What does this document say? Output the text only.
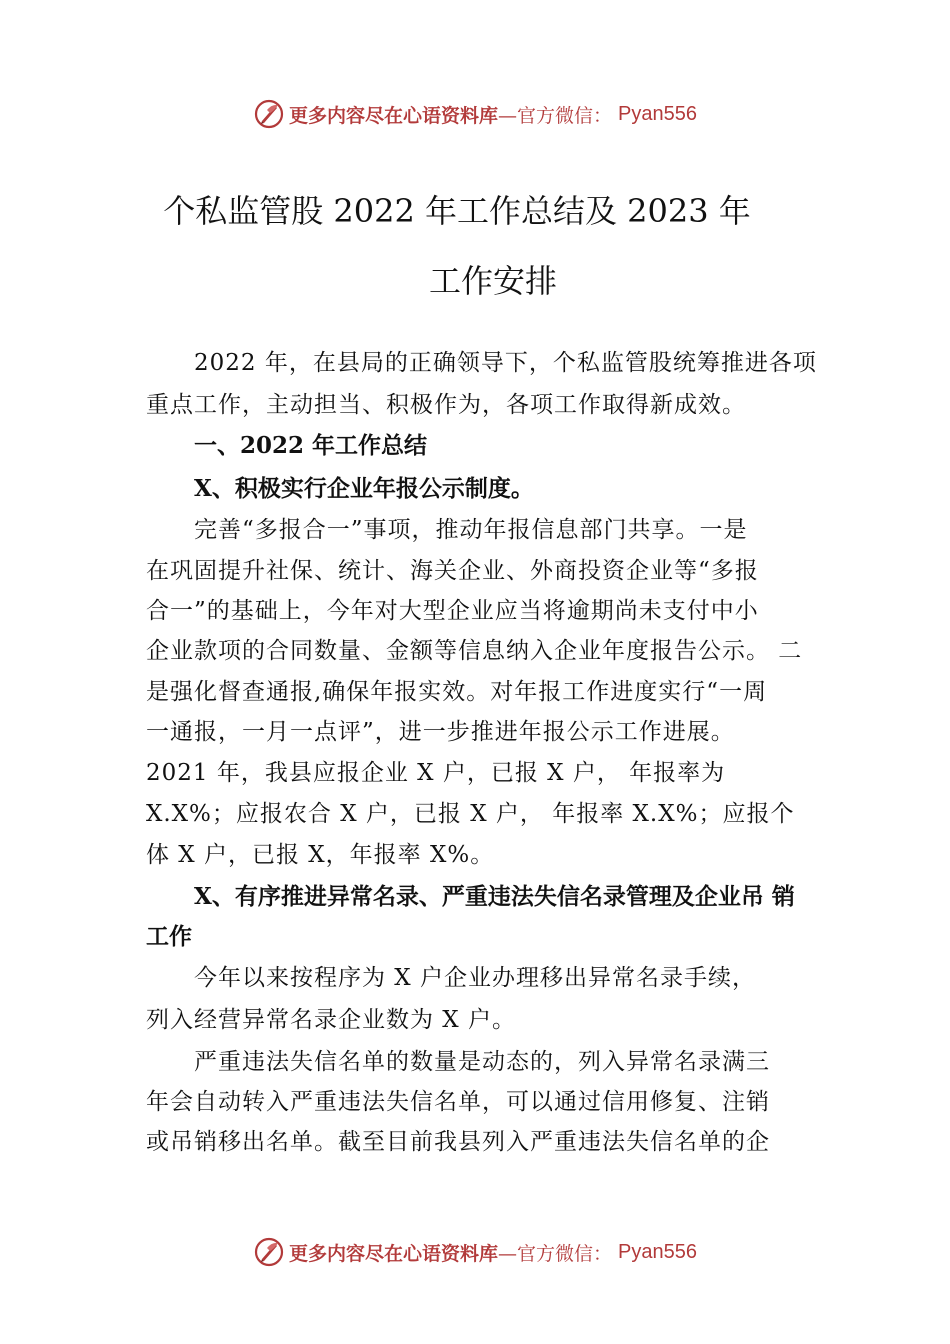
更多内容尽在心语资料库—官方微信： Pyan556
个私监管股 2022 年工作总结及 2023 年
工作安排
2022 年，在县局的正确领导下，个私监管股统筹推进各项
重点工作，主动担当、积极作为，各项工作取得新成效。
一、2022 年工作总结
X、积极实行企业年报公示制度。
完善“多报合一”事项，推动年报信息部门共享。一是
在巩固提升社保、统计、海关企业、外商投资企业等“多报
合一”的基础上，今年对大型企业应当将逾期尚未支付中小
企业款项的合同数量、金额等信息纳入企业年度报告公示。 二
是强化督查通报,确保年报实效。对年报工作进度实行“一周
一通报，一月一点评”，进一步推进年报公示工作进展。
2021 年，我县应报企业 X 户，已报 X 户， 年报率为
X.X%；应报农合 X 户，已报 X 户， 年报率 X.X%；应报个
体 X 户，已报 X，年报率 X%。
X、有序推进异常名录、严重违法失信名录管理及企业吊 销
工作
今年以来按程序为 X 户企业办理移出异常名录手续，
列入经营异常名录企业数为 X 户。
严重违法失信名单的数量是动态的，列入异常名录满三
年会自动转入严重违法失信名单，可以通过信用修复、注销
或吊销移出名单。截至目前我县列入严重违法失信名单的企
更多内容尽在心语资料库—官方微信： Pyan556
